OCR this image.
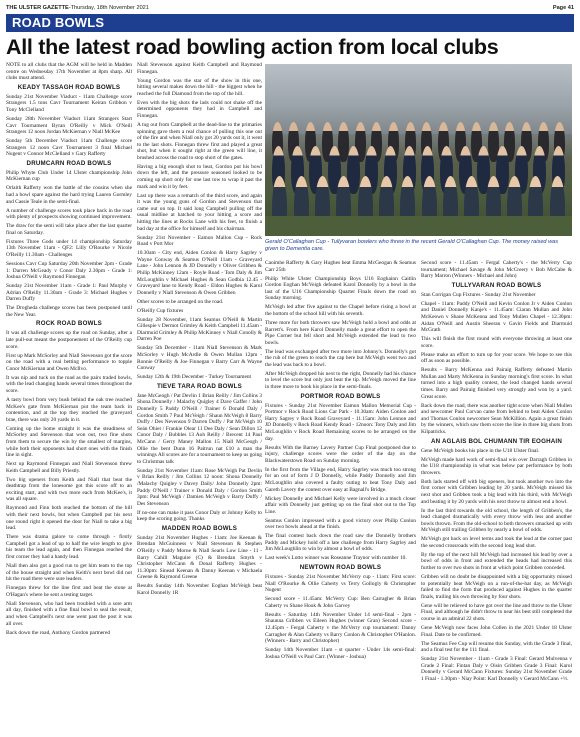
THE ULSTER GAZETTE-Thursday, 18th November 2021	Page 41
ROAD BOWLS
All the latest road bowling action from local clubs
Gerald O'Callaghan Cup - Tullyvaran bowlers who threw in the recent Gerald O'Callaghan Cup. The money raised was given to Dementia care.

NOTE to all clubs that the AGM will be held in Madden centre on Wednesday 17th November at 8pm sharp. All clubs must attend.

KEADY TASSAGH ROAD BOWLS

Sunday 21st November Viaduct - 11am Challenge score Strangers 1.5 tons Cavr Tournament Keiran Gribbon v Tony McClelland

Sunday 28th November Viaduct 11am Strangers Start Cavr Tournament Byran O'Reilly v Mick O'Neill Strangers 12 noon Jordan McKiernan v Niall McKee

Sunday 5th December Viaduct 11am Challenge score Strangers 12 noon Cavr Tournament 3 final Michael Nugent v Connor McClelland v Gary Rafferty

DRUMCARN ROAD BOWLS

Philip Whyte Club Under 14 Ulster championship John McKiernan cup

Orlaith Rafferty won the battle of the cousins when she had a bowl spare against the hard trying Lauren Gormley and Cassie Teale in the semi-final.

A number of challenge scores took place back in the road with plenty of prospects showing continued improvement.

The draw for the semi will take place after the last quarter final on Saturday.

Fixtures Three Gods under 14 championship Saturday 13th November 11am - QF2: Lilly O'Rourke v Nicole O'Reilly 11.30am - Challenges

Sessions Cavr Cup Saturday 20th November 2pm - Grade 1: Darren McGeady v Conor Daly 2.30pm - Grade 1: Joshua O'Neill v Raymond Finnegan

Sunday 21st November 11am - Grade 1: Paul Murphy v Adrian O'Reilly 11.30am - Grade 3: Michael Hughes v Darren Duffy

The Drogheda challenge scores has been postponed until the New Year.

ROCK ROAD BOWLS

It was all challenge scores up the road on Sunday, after a late pull-out meant the postponement of the O'Reilly cup score.

First up Mark McSorley and Niall Stevenson got the score on the road with a real betting performance to topple Conor McKiernan and Owen McIlvo.

It was nip and tuck on the road as the pairs traded bowls, with the lead changing hands several times throughout the score.

A tasty bowl from very bush behind the oak tree reached McKee's gate from McKiernan put the team back in contention, and at the top they reached the graveyard brae, there was only 20 yards in it.

Coming up the home straight it was the steadiness of McSorley and Stevenson that won out, two fine shots from them to secure the win by the smallest of margins, while both their opponents had short ones with the finish line in sight.

Next up Raymond Finnegan and Niall Stevenson threw Keith Campbell and Billy Priestly.

Two big openers from Keith and Niall that beat the deathtrap from the lonesome got this score off to an exciting start, and with two more each from McKee's, it was all square.

Raymond and Finn both reached the bottom of the hill with their next bowls, but when Campbell put his next one round right it opened the door for Niall to take a big lead.

There was drama galore to come through - firstly Campbell got a lead of up to half the wire length to give his team the lead again, and then Finnegan reached the first corner they had a handy lead.

Niall then also got a good run to get him team to the top of the house straight and when Keith's next bowl did not hit the road there were sure leaders.

Finnegan threw for the line first and beat the stone at O'Hagan's where he sent a testing target.

Niall Stevenson, who had been troubled with a sore arm all day, finished with a fine final bowl to seal the result, and when Campbell's next one went past the post it was all over.

Back down the road, Anthony Gordon partnered

Niall Stevenson against Keith Campbell and Raymond Finnegan.

Young Gordon was the star of the show in this one, hitting several makes down the hill - the biggest when he reached the full Diamond from the top of the hill.

Even with the big shots the lads could not shake off the determined opponents they had in Campbell and Finnegan.

A tug out from Campbell at the dead-line to the primaries spinning gave them a real chance of pulling this one out of the fire and when Niall only got 20 yards out it, it went to the last shots. Finnegan threw first and played a great shot, but when it sought right at the green will line, it brushed across the road to stop short of the gates.

Having a big enough shot to beat, Gordon put his bowl down the left, and the pressure seasoned looked to be coming up short only for one last tow to wrap it past the mark and win it by feet.

Last up there was a rematch of the third score, and again it was the young guns of Gordon and Stevenson that came out on top. It said long Campbell pulling off the usual midline at hatched to your hitting a score and hitting the lines at Rocks Lane with his feet, to finish a bad day at the office for himself and his chairman.

Sunday 21st November - Eamon Mallon Cup - Rock Road v Port Mor

10.30am - City end, Aiden Conlon & Harry Sagrley v Wayne Conway & Seamus O'Neill 11am - Graveyard Lane - John Lennon & JD Donnelly v Oliver Gribben & Philip McKinney 12am - Royle Road - Tom Daly & Jim McLoughlin v Michael Hughes & Sean Godbia 12.45 - Graveyard lane to Kendy Road - Eldon Hughes & Karol Donnelly v Niall Stevenson & Owen Gribben

Other scores to be arranged on the road.

O'Reilly Cup fixtures

Sunday 28 November, 11am Seamus O'Neill & Martin Gillespie v Dermot Grimley & Keith Campbell 11.45am - Diarmuid Grimley & Philip McKinney v Niall Conolly & Darren Poe

Sunday 5th December - 11am Niall Stevenson & Mark McSorley v Hugh McArdle & Owen Mullan 12pm - Ronnie O'Reilly & Joe Finnegan v Barry Carr & Wayne Conway

Sunday 12th & 19th December - Turkey Tournament

TIEVE TARA ROAD BOWLS

Jane McGeogh / Pat Devlin 1 Brian Reilly / Jim Collins 3 Shona Donnelly / Malachy Quigley 4 Dave Gaffer / John Donnelly 5 Paddy O'Neill / Trainer 6 Donald Daly / Gordon Smith 7 Paul McVeigh / Shaun McVeigh 8 Barry Duffy / Des Nevenson 9 Darren Duffy / Pat McVeigh 10 Seán Ohier / Frankie Olear 11 Dee Daly / Sean Dillon 12 Conor Daly / Bubbles 13 Aoh Reilly / Brecent 14 Paul McCann / Gerry Maney Mallon 15 Niall McGeogh / Ollie the bent Dunn 16 Paitrun nat £10 a man the winnings All scores are for a tournament to keep us going to Christmas talk

Sunday 21st November 11am: Rose McVeigh Pat Devlin v Brian Reilly / Jim Collins 12 noon: Shona Donnelly /Malachy Quigley v Davey Daily/ John Donnelly 2pm: Paddy O'Neill / Trainer v Donald Daly / Gordon Smith 3pm: Paul McVeigh / Damien McVeigh v Barry Duffy / Des Stevenson

If no-one can make it pass Conor Daly or Johnny Kelly to keep the scoring going. Thanks

MADDEN ROAD BOWLS

Sunday 21st November Hughes - 11am: Joe Keenan & Brendan McGuinness v Niall Stevenson & Stephen O'Reilly v Paddy Morne & Niall Searls Low Line - 11 - Barry Cahill Maguire (C) & Brendan Smyth v Christopher McCann & Donal Rafferty Hughes - 11.30pm: Sinead Keenan & Danny Keenan v Michaela Greene & Raymond Greene

Results Sunday 14th November Eoghan McVeigh beat Karol Donnelly 1R

Caoimhe Rafferty & Gary Hughes beat Emma McGeogan & Seamus Carr 25th

Philip White Ulster Championship Boys U16 Eoghainn Caitlin Gordon Eoghan McVeigh defeated Karol Donnelly by a bowl in the last of the U16 Championship Quarter Finals down the road on Sunday morning.

McVeigh led after five against to the Chapel before rising a bowl at the bottom of the school hill with his seventh.

Three more for both throwers saw McVeigh hold a bowl and odds at Barrett's. From here Karol Donnelly made a great effort to open the Pipe Corner but fell short and McVeigh extended the lead to two bowls.

The lead was exchanged after two more into Johnny's. Donnelly's got the rub of the green to reach the cap here but McVeigh went two and the lead was back to a bowl.

After McVeigh dropped his next to the right, Donnelly had his chance to level the score but only just beat the tip. McVeigh moved the line in three more to book his place in the semi-finals.

PORTMOR ROAD BOWLS

Fixtures - Sunday 21st November Eamon Mallon Memorial Cup - Portmor v Rock Road Lions Car Park - 10.30am: Aiden Conlon and Harry Sagrey v Rock Road Graveyard - 11.15am: John Lennon and JD Donnelly v Rock Road Kendy Road - 12noon: Tony Daly and Jim McLoughlin v Rock Road Remaining scores to be arranged on the day.

Results With the Barney Lavery Partner Cup Final postponed due to injury, challenge scores were the order of the day on the Blackwaterstown Road on Sunday morning.

In the first from the Village end, Harry Sagrley was much too strong for an out of form J D Donnelly, while Paddy Donnelly and Jim McLoughlin also covered a faulty outing to beat Tony Daly and Gareth Lavery the contest over easy at Bagnall's Bridge.

Mickey Donnelly and Michael Kelly were involved in a much closer affair with Donnelly just getting up on the final shot out to the Top Line.

Seamus Conlon impressed with a good victory over Philip Conlon over two bowls ahead at the finish.

The final contest back down the road saw the Donnelly brothers Paddy and Mickey hold off a late challenge from Harry Sagrley and Jim McLoughlin to win by almost a bowl of odds.

Last week's Lotto winner was Roseanne Traynor with number 10.

NEWTOWN ROAD BOWLS

Fixtures - Sunday 21st November McVerry cup - 11am: First score: Niall O'Rourke & Ollie Caherty vs Terry Gollogly & Christopher Nugent

Second score - 11.45am: McVerry Cup: Ben Carragher & Brian Caherty vs Shane Hook & John Garvey

Results - Saturday 14th November Under 14 semi-final - 2pm - Shaunna Gribben vs Eileen Hughes (winner Gran) Second score - 12.45pm - Fergal Caherty v the McVerry cup tournament: Danny Carragher & Alan Caherty vs Barry Conlon & Christopher O'Hanlon. (Winners - Barry and Christopher)

Sunday 14th November 11am - st quarter - Under 14s semi-final: Joshua O'Neill vs Paul Carr. (Winner - Joshua)

Second score - 11.45am - Fergal Caherty's - the McVerry Cup tournament; Michael Savage & John McCreery v Bob McCabe & Barry Marron (Winners - Michael and John)

TULLYVARAN ROAD BOWLS

Stan Corrigan Cup Fixtures - Sunday 21st November

Chapel - 11am: Paddy O'Neill and Kevin Conlon Jr v Aiden Conlon and Daniel Donnelly Kanje's - 11.45am: Ciaran Mullan and John McKeown v Shane McKenna and Tony Mullen Chapel - 12.30pm: Aidan O'Neill and Austin Sheeran v Gavin Fields and Diarmuid McGrath

This will finish the first round with everyone throwing at least one score.

Please make an effort to turn up for your score. We hope to see this off as soon as possible.

Results - Barry McKenna and Pairaig Rafferty defeated Martin Mullan and Marty McKenna in Sunday morning's first score. In what turned into a high quality contest, the lead changed hands several times. Barry and Pairaig finished very strongly and won by a yard. Great score.

Back down the road, there was another tight score when Niall Mullen and newcomer Paul Corvan came from behind to beat Aiden Conlon and Thomas Conlon newcomer Sean McKillion. Again a great finish by the winners, which saw them score the line in three big shots from Kilpatricks.

AN AGLAIS BOL CHUMANN TIR EOGHAIN

Gene McVeigh books his place in the U18 Ulster final.

McVeigh made hard work of semi-final win over Darragh Gribben in the U18 championship in what was below par performance by both throwers.

Both lads started off with big openers, but took another two into the first corner with Gribben leading by 20 yards. McVeigh missed his next shot and Gribben took a big lead with his third, with McVeigh and beating it by 20 yards with his next throw to almost end a bowl.

In the last third towards the old school, the length of Gribben's, the lead changed dramatically with every throw with less and another bowls thrown. From the old-school to both throwers smacked up with McVeigh still trailing Gribben by nearly a bowl of odds.

McVeigh got back on level terms and took the lead at the corner past the second crossroads with the second long lead shot.

By the top of the next hill McVeigh had increased his lead by over a bowl of odds in front and extended the heads had increased this further to over two shots in front at which point Gribben conceded.

Gribben will no doubt be disappointed with a big opportunity missed to potentially beat McVeigh on a run-of-the-hat day, as McVeigh failed to find the form that produced against Hughes in the quarter finals, trailing his own throwing by four shots.

Gene will be relieved to have got over the line and throw to the Ulster Final, and although he didn't throw to near his best still completed the course in an admiral 22 shots.

Gene McVeigh now faces John Collen in the 2021 Under 18 Ulster Final. Date to be confirmed.

The Seamus Fee Cup will resume this Sunday, with the Grade 3 final, and a final test for the 111 final.

Sunday 21st November - 11am - Grade 3 Final: Gerard Mulvenna v Grade 2 Final: Fintan Daly v Oisin Gribben Grade 3 Final: Karol Donnelly v Gerard McCann Fixtures: Sunday 21st November Grade 1 Final - 1.30pm - Niay Point: Karl Donnelly v Gerard McCann +½.
